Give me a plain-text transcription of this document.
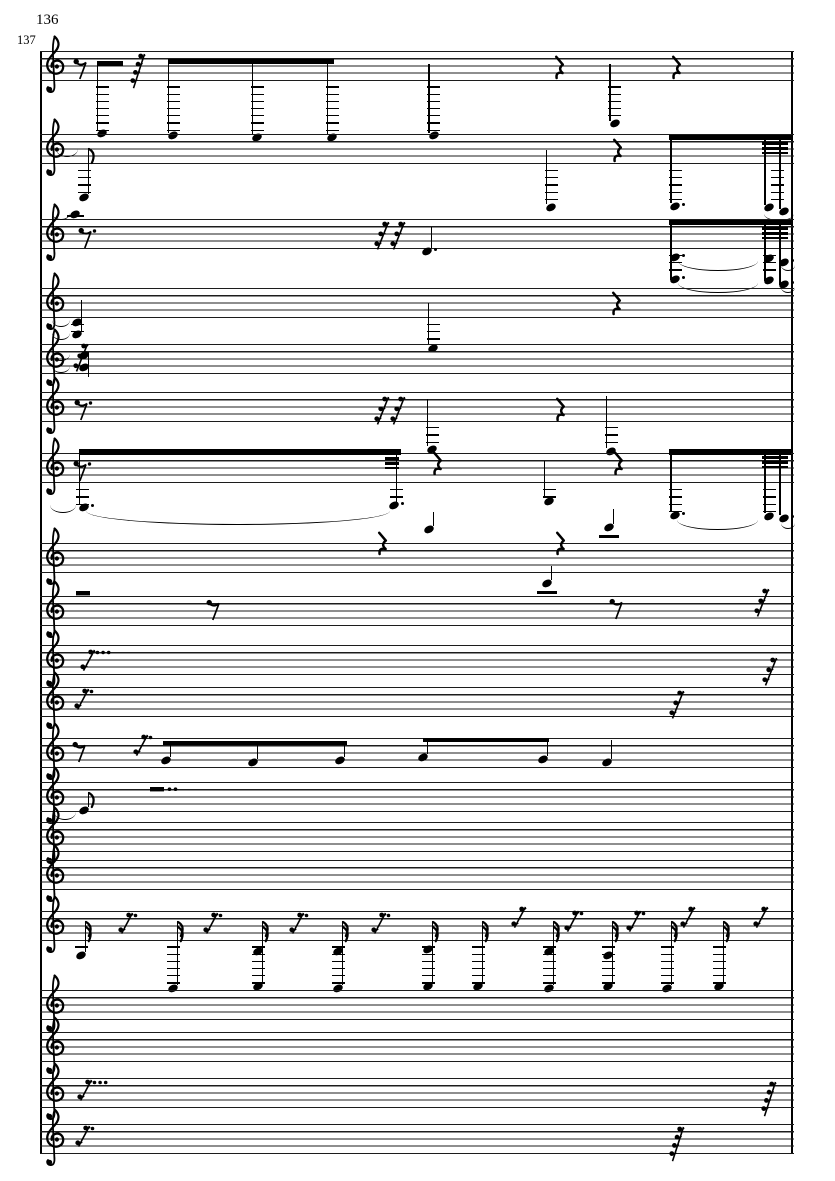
136
137
